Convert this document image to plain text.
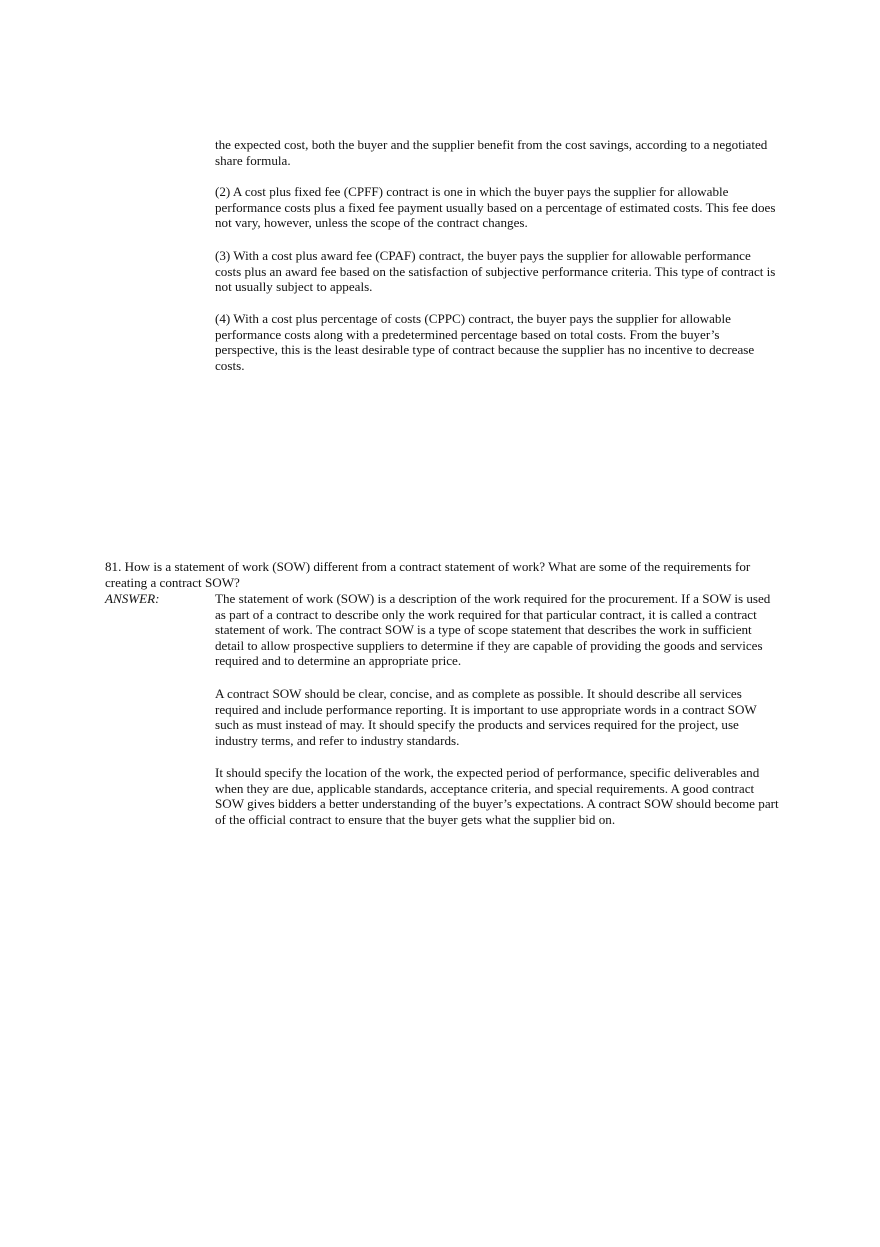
the expected cost, both the buyer and the supplier benefit from the cost savings, according to a negotiated share formula.

(2) A cost plus fixed fee (CPFF) contract is one in which the buyer pays the supplier for allowable performance costs plus a fixed fee payment usually based on a percentage of estimated costs. This fee does not vary, however, unless the scope of the contract changes.

(3) With a cost plus award fee (CPAF) contract, the buyer pays the supplier for allowable performance costs plus an award fee based on the satisfaction of subjective performance criteria. This type of contract is not usually subject to appeals.

(4) With a cost plus percentage of costs (CPPC) contract, the buyer pays the supplier for allowable performance costs along with a predetermined percentage based on total costs. From the buyer’s perspective, this is the least desirable type of contract because the supplier has no incentive to decrease costs.

81. How is a statement of work (SOW) different from a contract statement of work? What are some of the requirements for creating a contract SOW?

ANSWER:	The statement of work (SOW) is a description of the work required for the procurement. If a SOW is used as part of a contract to describe only the work required for that particular contract, it is called a contract statement of work. The contract SOW is a type of scope statement that describes the work in sufficient detail to allow prospective suppliers to determine if they are capable of providing the goods and services required and to determine an appropriate price.

A contract SOW should be clear, concise, and as complete as possible. It should describe all services required and include performance reporting. It is important to use appropriate words in a contract SOW such as must instead of may. It should specify the products and services required for the project, use industry terms, and refer to industry standards.

It should specify the location of the work, the expected period of performance, specific deliverables and when they are due, applicable standards, acceptance criteria, and special requirements. A good contract SOW gives bidders a better understanding of the buyer’s expectations. A contract SOW should become part of the official contract to ensure that the buyer gets what the supplier bid on.
